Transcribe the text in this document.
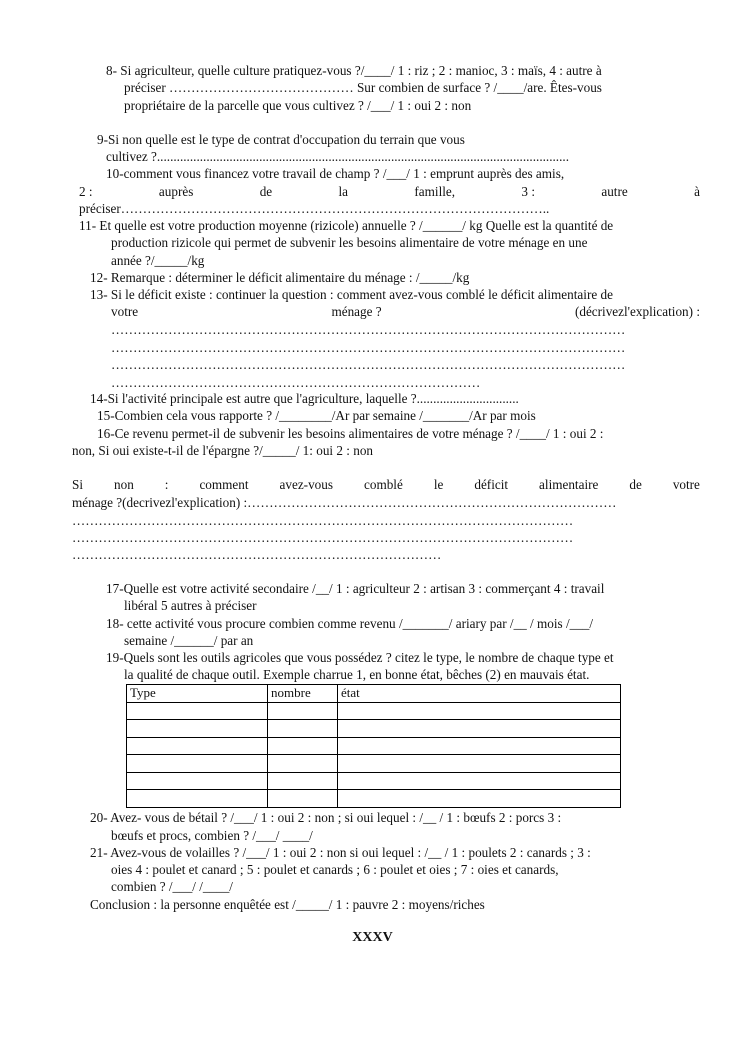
8- Si agriculteur, quelle culture pratiquez-vous ?/____/ 1 : riz ; 2 : manioc, 3 : maïs, 4 : autre à
préciser …………………………………… Sur combien de surface ? /____/are. Êtes-vous
propriétaire de la parcelle que vous cultivez ? /___/ 1 : oui 2 : non
9-Si non quelle est le type de contrat d'occupation du terrain que vous
cultivez ?.............................................................................................................................
10-comment vous financez votre travail de champ ? /___/ 1 : emprunt auprès des amis,
2 :	auprès	de	la	famille,	3 :	autre	à
préciser……………………………………………………………………………………..
11- Et quelle est votre production moyenne (rizicole) annuelle ? /______/ kg Quelle est la quantité de
production rizicole qui permet de subvenir les besoins alimentaire de votre ménage en une
année ?/_____/kg
12- Remarque : déterminer le déficit alimentaire du ménage : /_____/kg
13- Si le déficit existe : continuer la question : comment avez-vous comblé le déficit alimentaire de
votre	ménage ?	(décrivezl'explication) :
………………………………………………………………………………………………………
………………………………………………………………………………………………………
………………………………………………………………………………………………………
…………………………………………………………………………
14-Si l'activité principale est autre que l'agriculture, laquelle ?...............................
15-Combien cela vous rapporte ? /________/Ar par semaine /_______/Ar par mois
16-Ce revenu permet-il de subvenir les besoins alimentaires de votre ménage ? /____/ 1 : oui 2 :
non, Si oui existe-t-il de l'épargne ?/_____/ 1: oui 2 : non
Si non : comment avez-vous comblé le déficit alimentaire de votre
ménage ?(decrivezl'explication) :…………………………………………………………………………
……………………………………………………………………………………………………
……………………………………………………………………………………………………
…………………………………………………………………………
17-Quelle est votre activité secondaire /__/ 1 : agriculteur 2 : artisan 3 : commerçant 4 : travail
libéral 5 autres à préciser
18- cette activité vous procure combien comme revenu /_______/ ariary par /__ / mois /___/
semaine /______/ par an
19-Quels sont les outils agricoles que vous possédez ? citez le type, le nombre de chaque type et
la qualité de chaque outil. Exemple charrue 1, en bonne état, bêches (2) en mauvais état.
Type	nombre	état

20- Avez- vous de bétail ? /___/ 1 : oui 2 : non ; si oui lequel : /__ / 1 : bœufs 2 : porcs 3 :
bœufs et procs, combien ? /___/ ____/
21- Avez-vous de volailles ? /___/ 1 : oui 2 : non si oui lequel : /__ / 1 : poulets 2 : canards ; 3 :
oies 4 : poulet et canard ; 5 : poulet et canards ; 6 : poulet et oies ; 7 : oies et canards,
combien ? /___/ /____/
Conclusion : la personne enquêtée est /_____/ 1 : pauvre 2 : moyens/riches
XXXV
